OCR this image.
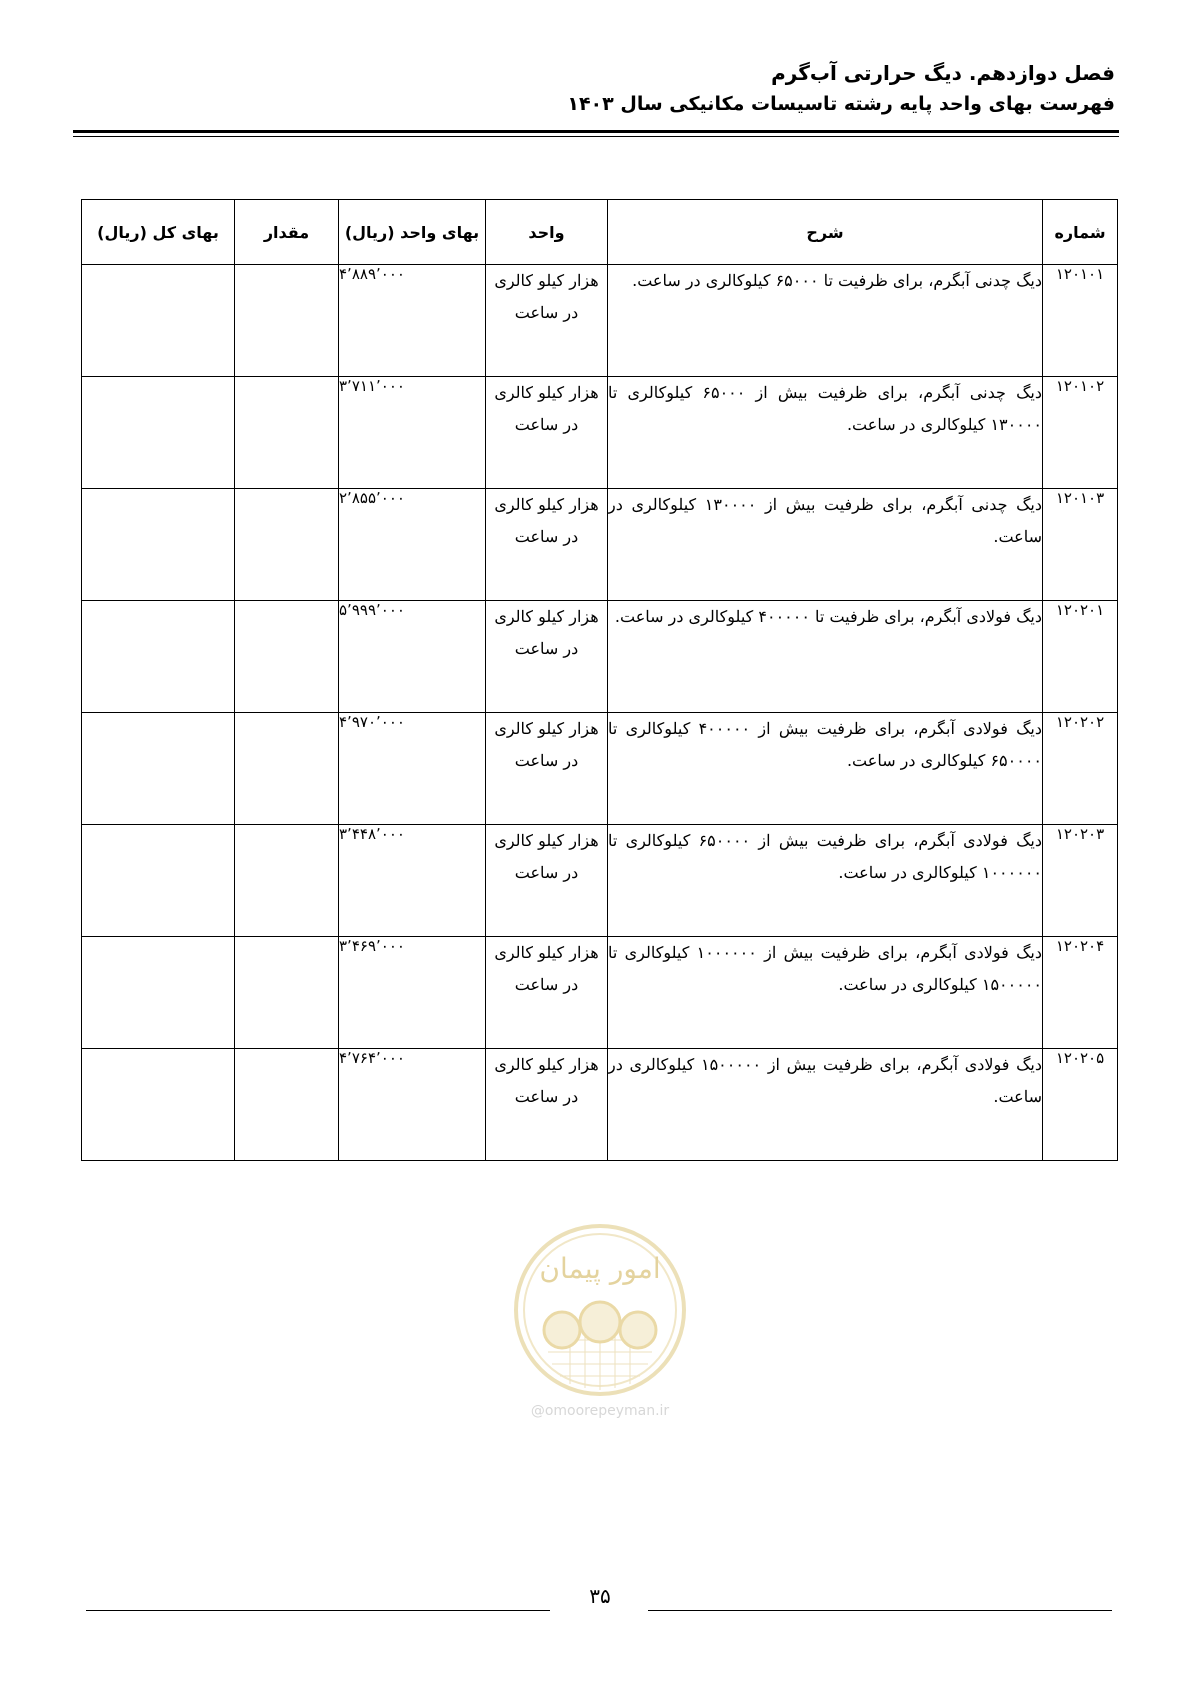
فصل دوازدهم. دیگ حرارتی آب‌گرم
فهرست بهای واحد پایه رشته تاسیسات مکانیکی سال ۱۴۰۳
شماره	شرح	واحد	بهای واحد (ریال)	مقدار	بهای کل (ریال)
۱۲۰۱۰۱	دیگ چدنی آبگرم، برای ظرفیت تا ۶۵۰۰۰ کیلوکالری در ساعت.	هزار کیلو کالری در ساعت	۴٬۸۸۹٬۰۰۰		
۱۲۰۱۰۲	دیگ چدنی آبگرم، برای ظرفیت بیش از ۶۵۰۰۰ کیلوکالری تا ۱۳۰۰۰۰ کیلوکالری در ساعت.	هزار کیلو کالری در ساعت	۳٬۷۱۱٬۰۰۰		
۱۲۰۱۰۳	دیگ چدنی آبگرم، برای ظرفیت بیش از ۱۳۰۰۰۰ کیلوکالری در ساعت.	هزار کیلو کالری در ساعت	۲٬۸۵۵٬۰۰۰		
۱۲۰۲۰۱	دیگ فولادی آبگرم، برای ظرفیت تا ۴۰۰۰۰۰ کیلوکالری در ساعت.	هزار کیلو کالری در ساعت	۵٬۹۹۹٬۰۰۰		
۱۲۰۲۰۲	دیگ فولادی آبگرم، برای ظرفیت بیش از ۴۰۰۰۰۰ کیلوکالری تا ۶۵۰۰۰۰ کیلوکالری در ساعت.	هزار کیلو کالری در ساعت	۴٬۹۷۰٬۰۰۰		
۱۲۰۲۰۳	دیگ فولادی آبگرم، برای ظرفیت بیش از ۶۵۰۰۰۰ کیلوکالری تا ۱۰۰۰۰۰۰ کیلوکالری در ساعت.	هزار کیلو کالری در ساعت	۳٬۴۴۸٬۰۰۰		
۱۲۰۲۰۴	دیگ فولادی آبگرم، برای ظرفیت بیش از ۱۰۰۰۰۰۰ کیلوکالری تا ۱۵۰۰۰۰۰ کیلوکالری در ساعت.	هزار کیلو کالری در ساعت	۳٬۴۶۹٬۰۰۰		
۱۲۰۲۰۵	دیگ فولادی آبگرم، برای ظرفیت بیش از ۱۵۰۰۰۰۰ کیلوکالری در ساعت.	هزار کیلو کالری در ساعت	۴٬۷۶۴٬۰۰۰		
امور پیمان
@omoorepeyman.ir
۳۵
